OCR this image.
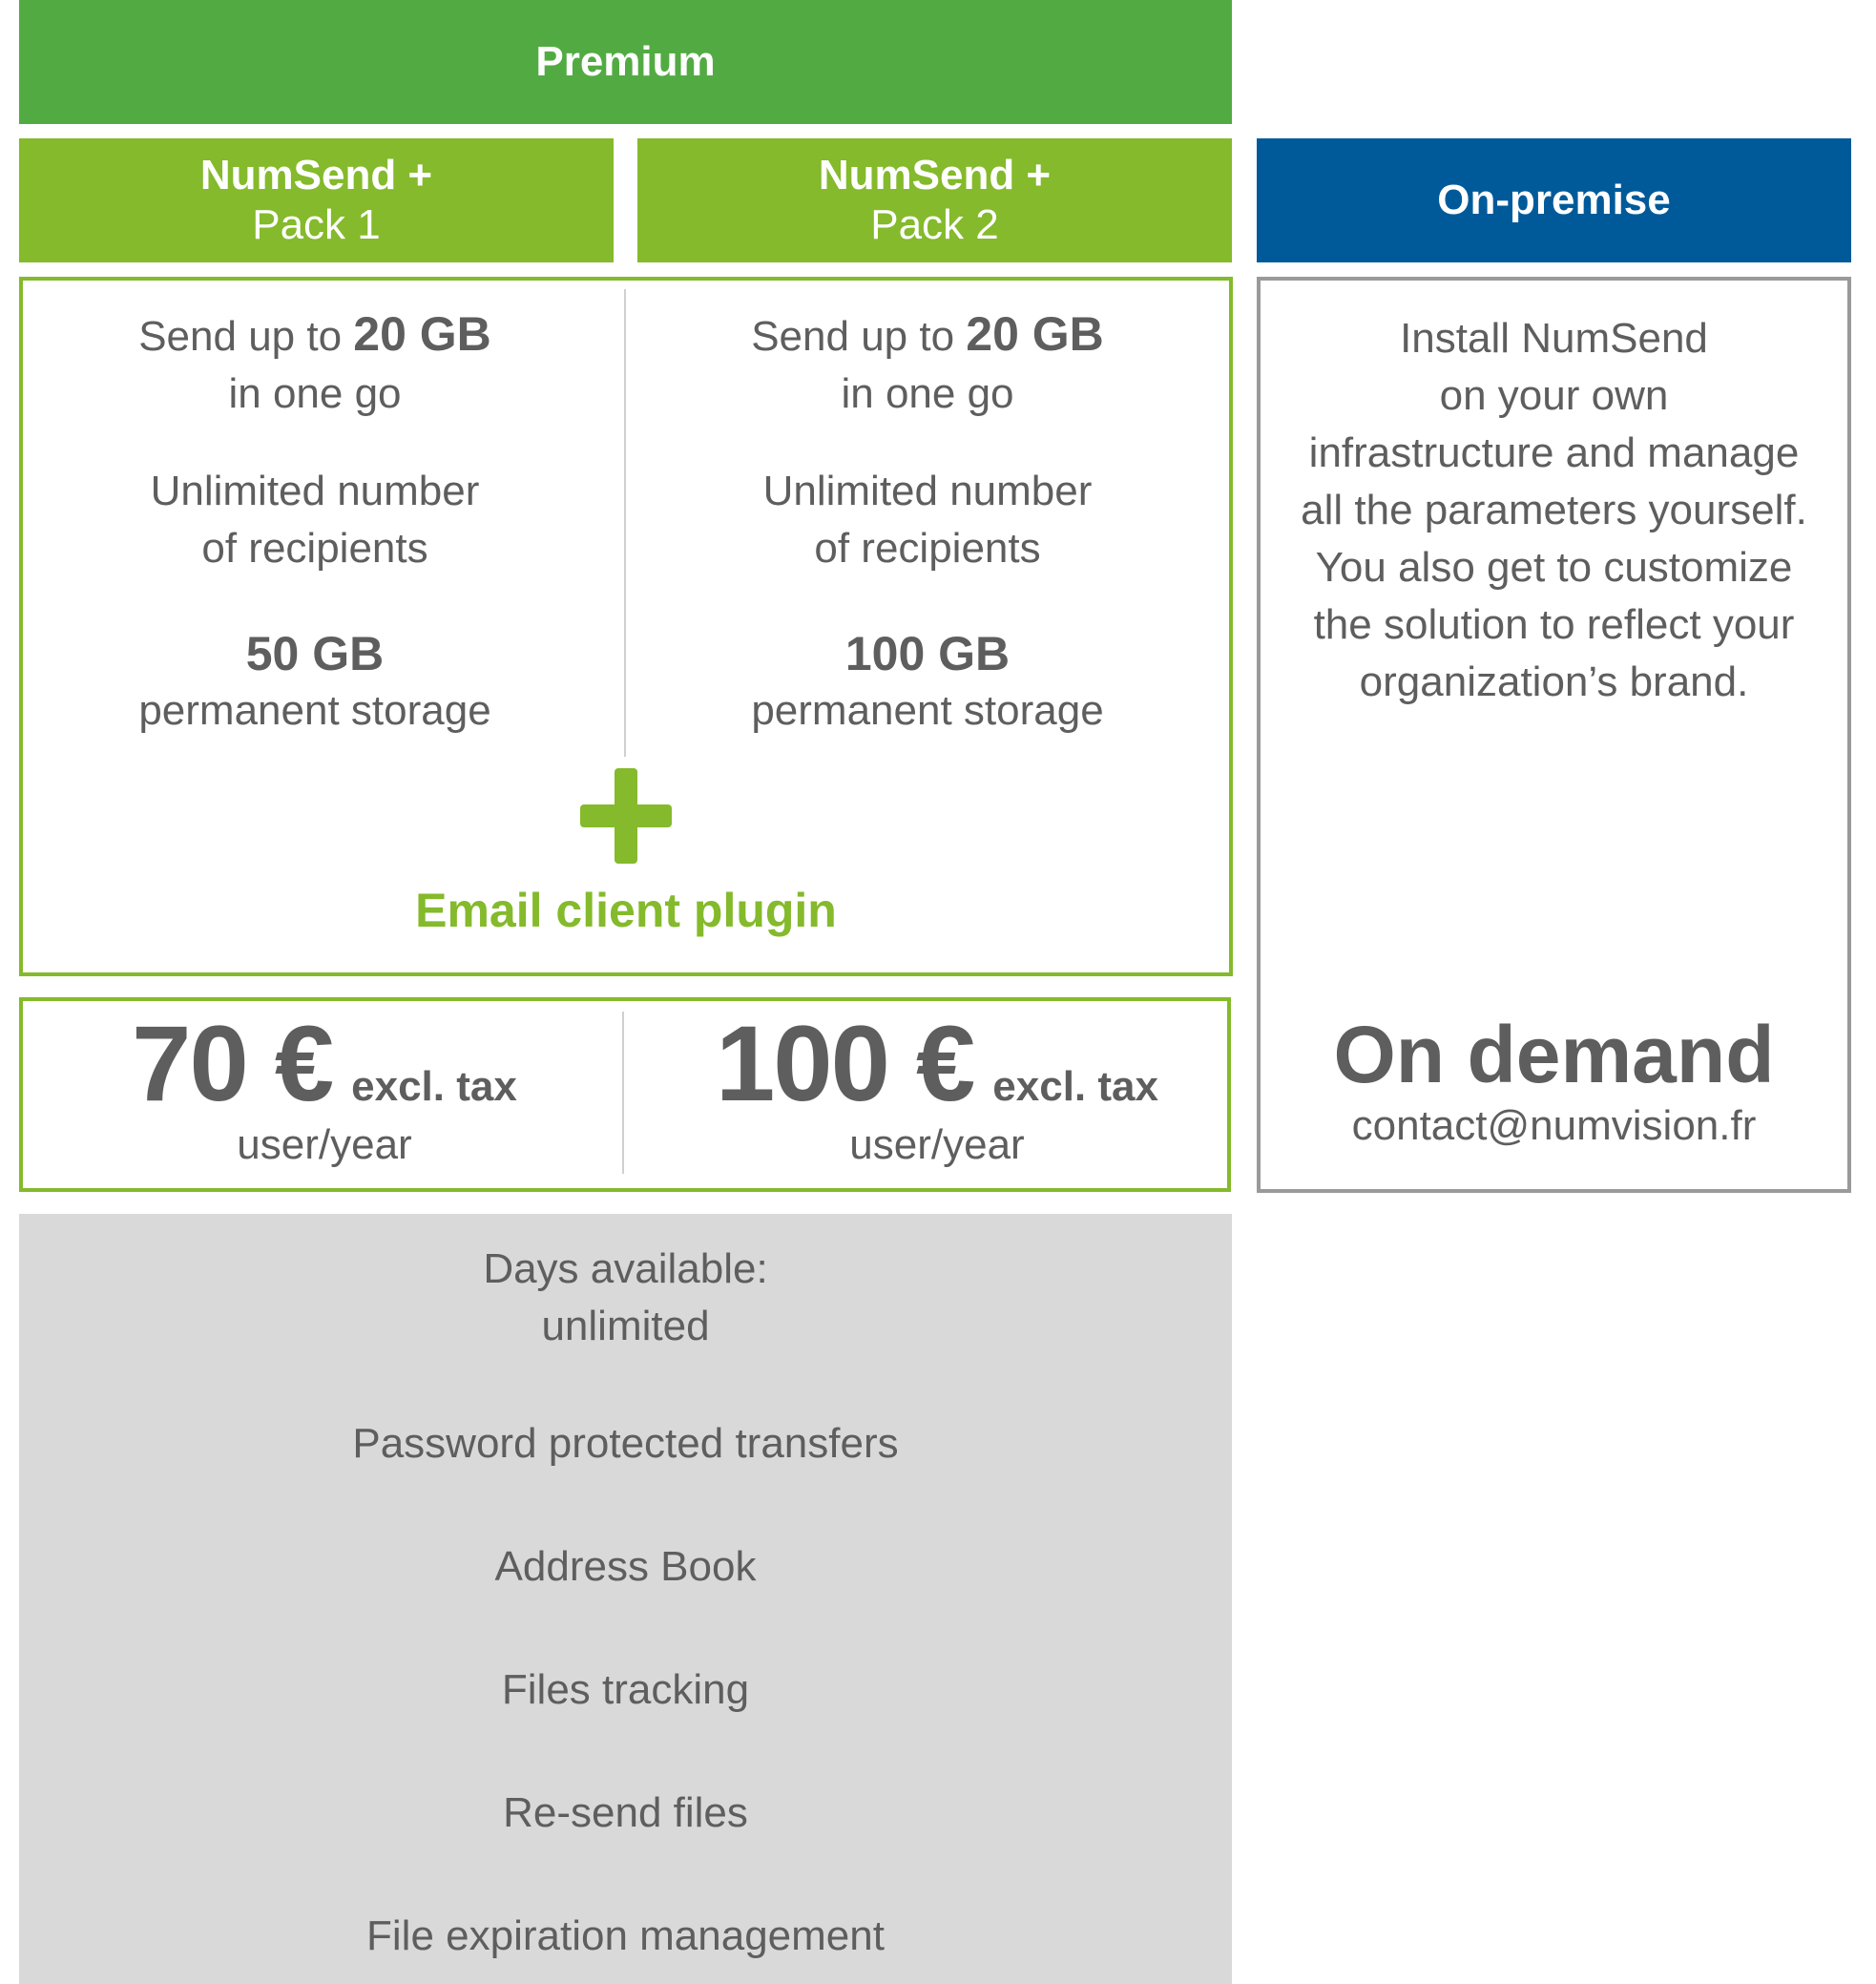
Premium
NumSend +
Pack 1
NumSend +
Pack 2
On-premise
Send up to 20 GB
in one go
Unlimited number
of recipients
50 GB
permanent storage
Send up to 20 GB
in one go
Unlimited number
of recipients
100 GB
permanent storage
Email client plugin
70 € excl. tax
user/year
100 € excl. tax
user/year
Install NumSend
on your own
infrastructure and manage
all the parameters yourself.
You also get to customize
the solution to reflect your
organization’s brand.
On demand
contact@numvision.fr
Days available:
unlimited
Password protected transfers
Address Book
Files tracking
Re-send files
File expiration management
